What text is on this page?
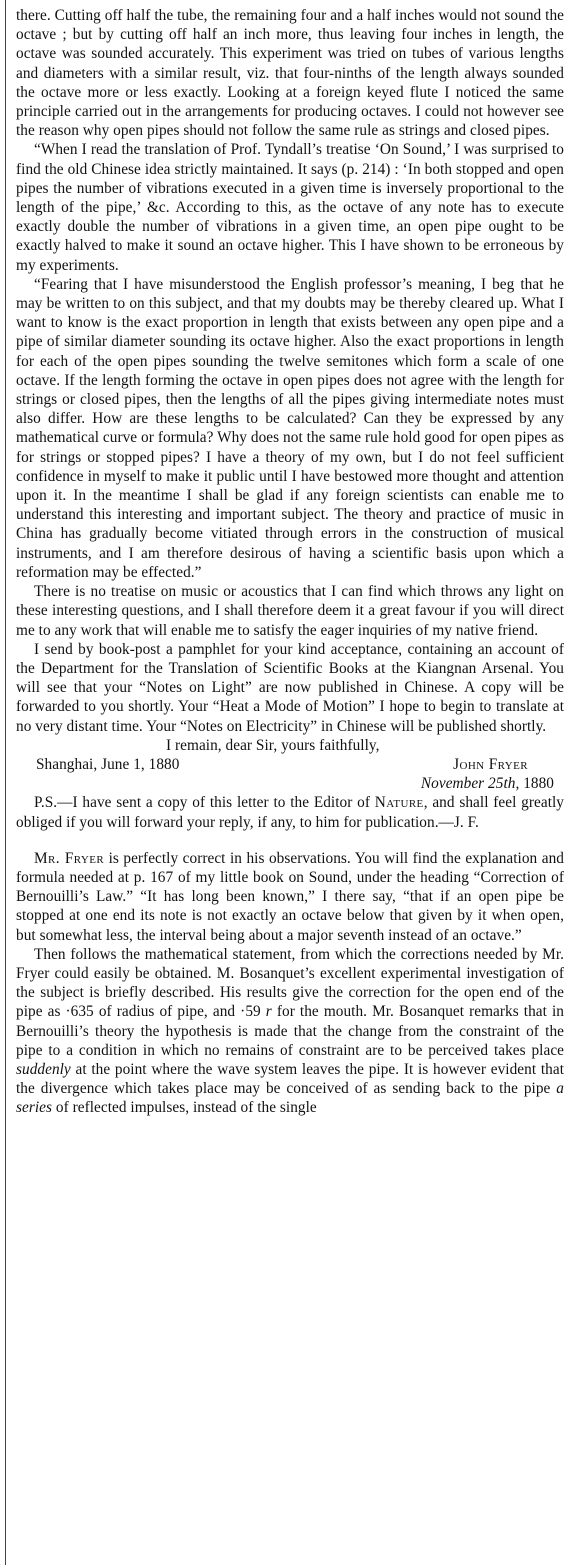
there. Cutting off half the tube, the remaining four and a half inches would not sound the octave ; but by cutting off half an inch more, thus leaving four inches in length, the octave was sounded accurately. This experiment was tried on tubes of various lengths and diameters with a similar result, viz. that four-ninths of the length always sounded the octave more or less exactly. Looking at a foreign keyed flute I noticed the same principle carried out in the arrangements for producing octaves. I could not however see the reason why open pipes should not follow the same rule as strings and closed pipes.

“When I read the translation of Prof. Tyndall’s treatise ‘On Sound,’ I was surprised to find the old Chinese idea strictly maintained. It says (p. 214) : ‘In both stopped and open pipes the number of vibrations executed in a given time is inversely proportional to the length of the pipe,’ &c. According to this, as the octave of any note has to execute exactly double the number of vibrations in a given time, an open pipe ought to be exactly halved to make it sound an octave higher. This I have shown to be erroneous by my experiments.

“Fearing that I have misunderstood the English professor’s meaning, I beg that he may be written to on this subject, and that my doubts may be thereby cleared up. What I want to know is the exact proportion in length that exists between any open pipe and a pipe of similar diameter sounding its octave higher. Also the exact proportions in length for each of the open pipes sounding the twelve semitones which form a scale of one octave. If the length forming the octave in open pipes does not agree with the length for strings or closed pipes, then the lengths of all the pipes giving intermediate notes must also differ. How are these lengths to be calculated? Can they be expressed by any mathematical curve or formula? Why does not the same rule hold good for open pipes as for strings or stopped pipes? I have a theory of my own, but I do not feel sufficient confidence in myself to make it public until I have bestowed more thought and attention upon it. In the meantime I shall be glad if any foreign scientists can enable me to understand this interesting and important subject. The theory and practice of music in China has gradually become vitiated through errors in the construction of musical instruments, and I am therefore desirous of having a scientific basis upon which a reformation may be effected.”

There is no treatise on music or acoustics that I can find which throws any light on these interesting questions, and I shall therefore deem it a great favour if you will direct me to any work that will enable me to satisfy the eager inquiries of my native friend.

I send by book-post a pamphlet for your kind acceptance, containing an account of the Department for the Translation of Scientific Books at the Kiangnan Arsenal. You will see that your “Notes on Light” are now published in Chinese. A copy will be forwarded to you shortly. Your “Heat a Mode of Motion” I hope to begin to translate at no very distant time. Your “Notes on Electricity” in Chinese will be published shortly.

I remain, dear Sir, yours faithfully,

Shanghai, June 1, 1880	John Fryer

November 25th, 1880

P.S.—I have sent a copy of this letter to the Editor of Nature, and shall feel greatly obliged if you will forward your reply, if any, to him for publication.—J. F.

Mr. Fryer is perfectly correct in his observations. You will find the explanation and formula needed at p. 167 of my little book on Sound, under the heading “Correction of Bernouilli’s Law.” “It has long been known,” I there say, “that if an open pipe be stopped at one end its note is not exactly an octave below that given by it when open, but somewhat less, the interval being about a major seventh instead of an octave.”

Then follows the mathematical statement, from which the corrections needed by Mr. Fryer could easily be obtained. M. Bosanquet’s excellent experimental investigation of the subject is briefly described. His results give the correction for the open end of the pipe as ·635 of radius of pipe, and ·59 r for the mouth. Mr. Bosanquet remarks that in Bernouilli’s theory the hypothesis is made that the change from the constraint of the pipe to a condition in which no remains of constraint are to be perceived takes place suddenly at the point where the wave system leaves the pipe. It is however evident that the divergence which takes place may be conceived of as sending back to the pipe a series of reflected impulses, instead of the single
